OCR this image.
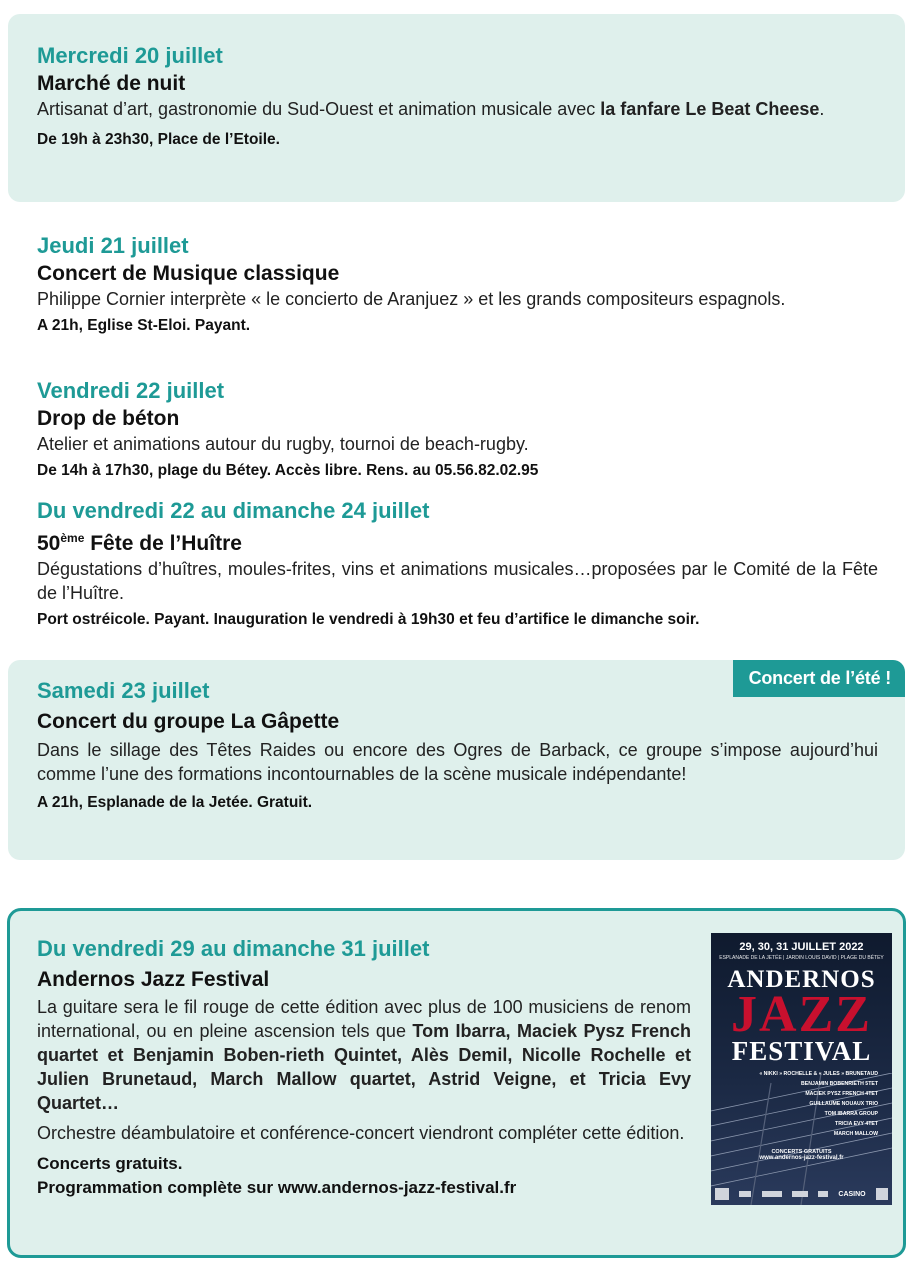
Mercredi 20 juillet
Marché de nuit
Artisanat d’art, gastronomie du Sud-Ouest et animation musicale avec la fanfare Le Beat Cheese.
De 19h à 23h30, Place de l’Etoile.
Jeudi 21 juillet
Concert de Musique classique
Philippe Cornier interprète « le concierto de Aranjuez » et les grands compositeurs espagnols.
A 21h, Eglise St-Eloi. Payant.
Vendredi 22 juillet
Drop de béton
Atelier et animations autour du rugby, tournoi de beach-rugby.
De 14h à 17h30, plage du Bétey. Accès libre. Rens. au 05.56.82.02.95
Du vendredi 22 au dimanche 24 juillet
50ème Fête de l’Huître
Dégustations d’huîtres, moules-frites, vins et animations musicales…proposées par le Comité de la Fête de l’Huître.
Port ostréicole. Payant. Inauguration le vendredi à 19h30 et feu d’artifice le dimanche soir.
Concert de l’été !
Samedi 23 juillet
Concert du groupe La Gâpette
Dans le sillage des Têtes Raides ou encore des Ogres de Barback, ce groupe s’impose aujourd’hui comme l’une des formations incontournables de la scène musicale indépendante!
A 21h, Esplanade de la Jetée. Gratuit.
Du vendredi 29 au dimanche 31 juillet
Andernos Jazz Festival
La guitare sera le fil rouge de cette édition avec plus de 100 musiciens de renom international, ou en pleine ascension tels que Tom Ibarra, Maciek Pysz French quartet et Benjamin Boben-rieth Quintet, Alès Demil, Nicolle Rochelle et Julien Brunetaud, March Mallow quartet, Astrid Veigne, et Tricia Evy Quartet…
Orchestre déambulatoire et conférence-concert viendront compléter cette édition.
Concerts gratuits.
Programmation complète sur www.andernos-jazz-festival.fr
29, 30, 31 JUILLET 2022
ESPLANADE DE LA JETÉE | JARDIN LOUIS DAVID | PLAGE DU BÉTEY
ANDERNOS
JAZZ
FESTIVAL
« NIKKI » ROCHELLE & « JULES » BRUNETAUD
BENJAMIN BOBENRIETH 5TET
MACIEK PYSZ FRENCH 4TET
GUILLAUME NOUAUX TRIO
TOM IBARRA GROUP
TRICIA EVY 4TET
MARCH MALLOW
CONCERTS GRATUITS
www.andernos-jazz-festival.fr
CASINO
